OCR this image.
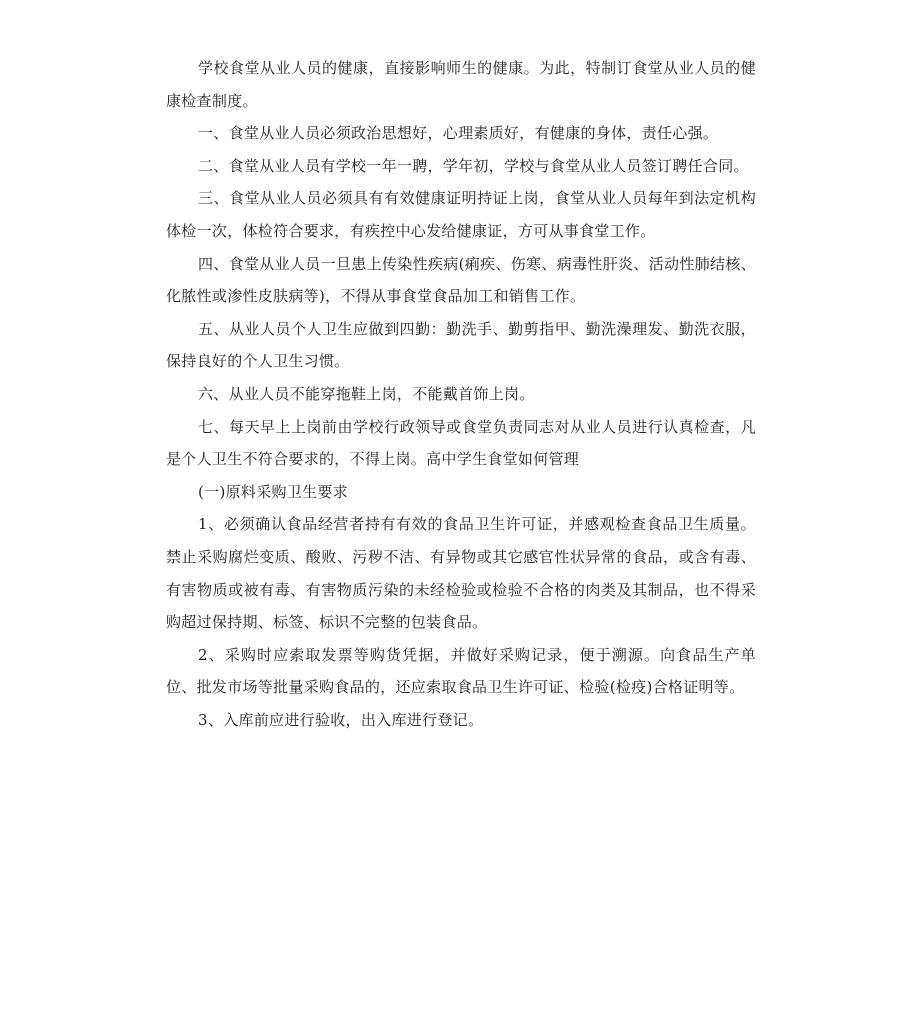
学校食堂从业人员的健康，直接影响师生的健康。为此，特制订食堂从业人员的健康检查制度。

一、食堂从业人员必须政治思想好，心理素质好，有健康的身体，责任心强。

二、食堂从业人员有学校一年一聘，学年初，学校与食堂从业人员签订聘任合同。

三、食堂从业人员必须具有有效健康证明持证上岗，食堂从业人员每年到法定机构体检一次，体检符合要求，有疾控中心发给健康证，方可从事食堂工作。

四、食堂从业人员一旦患上传染性疾病(痢疾、伤寒、病毒性肝炎、活动性肺结核、化脓性或渗性皮肤病等)，不得从事食堂食品加工和销售工作。

五、从业人员个人卫生应做到四勤：勤洗手、勤剪指甲、勤洗澡理发、勤洗衣服，保持良好的个人卫生习惯。

六、从业人员不能穿拖鞋上岗，不能戴首饰上岗。

七、每天早上上岗前由学校行政领导或食堂负责同志对从业人员进行认真检查，凡是个人卫生不符合要求的，不得上岗。高中学生食堂如何管理

(一)原料采购卫生要求

1、必须确认食品经营者持有有效的食品卫生许可证，并感观检查食品卫生质量。禁止采购腐烂变质、酸败、污秽不洁、有异物或其它感官性状异常的食品，或含有毒、有害物质或被有毒、有害物质污染的未经检验或检验不合格的肉类及其制品，也不得采购超过保持期、标签、标识不完整的包装食品。

2、采购时应索取发票等购货凭据，并做好采购记录，便于溯源。向食品生产单位、批发市场等批量采购食品的，还应索取食品卫生许可证、检验(检疫)合格证明等。

3、入库前应进行验收，出入库进行登记。
